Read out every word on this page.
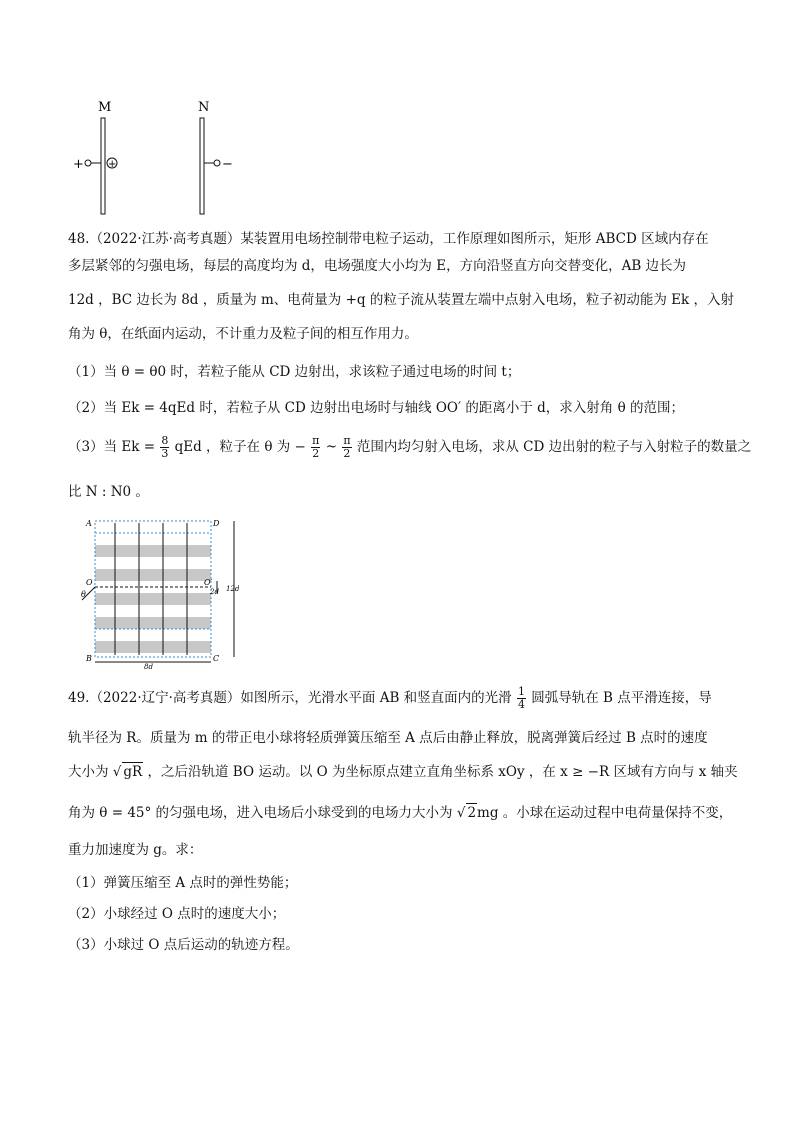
M	N
+ +	−
48.（2022·江苏·高考真题）某装置用电场控制带电粒子运动，工作原理如图所示，矩形 ABCD 区域内存在
多层紧邻的匀强电场，每层的高度均为 d，电场强度大小均为 E，方向沿竖直方向交替变化，AB 边长为
12d ，BC 边长为 8d ，质量为 m、电荷量为 +q 的粒子流从装置左端中点射入电场，粒子初动能为 Ek ，入射
角为 θ，在纸面内运动，不计重力及粒子间的相互作用力。
（1）当 θ = θ0 时，若粒子能从 CD 边射出，求该粒子通过电场的时间 t；
（2）当 Ek = 4qEd 时，若粒子从 CD 边射出电场时与轴线 OO′ 的距离小于 d，求入射角 θ 的范围；
（3）当 $Ek = \frac{8}{3}$ qEd ，粒子在 θ 为 − $\frac{\pi}{2}$ ~ $\frac{\pi}{2}$ 范围内均匀射入电场，求从 CD 边出射的粒子与入射粒子的数量之
比 N : N0 。
A	D
B	C
O	O′
θ	2d 12d
8d
49.（2022·辽宁·高考真题）如图所示，光滑水平面 AB 和竖直面内的光滑 $\frac{1}{4}$ 圆弧导轨在 B 点平滑连接，导
轨半径为 R。质量为 m 的带正电小球将轻质弹簧压缩至 A 点后由静止释放，脱离弹簧后经过 B 点时的速度
大小为 √ gR ，之后沿轨道 BO 运动。以 O 为坐标原点建立直角坐标系 xOy ，在 x ≥ −R 区域有方向与 x 轴夹
角为 θ = 45° 的匀强电场，进入电场后小球受到的电场力大小为 √ 2mg 。小球在运动过程中电荷量保持不变，
重力加速度为 g。求：
（1）弹簧压缩至 A 点时的弹性势能；
（2）小球经过 O 点时的速度大小；
（3）小球过 O 点后运动的轨迹方程。
